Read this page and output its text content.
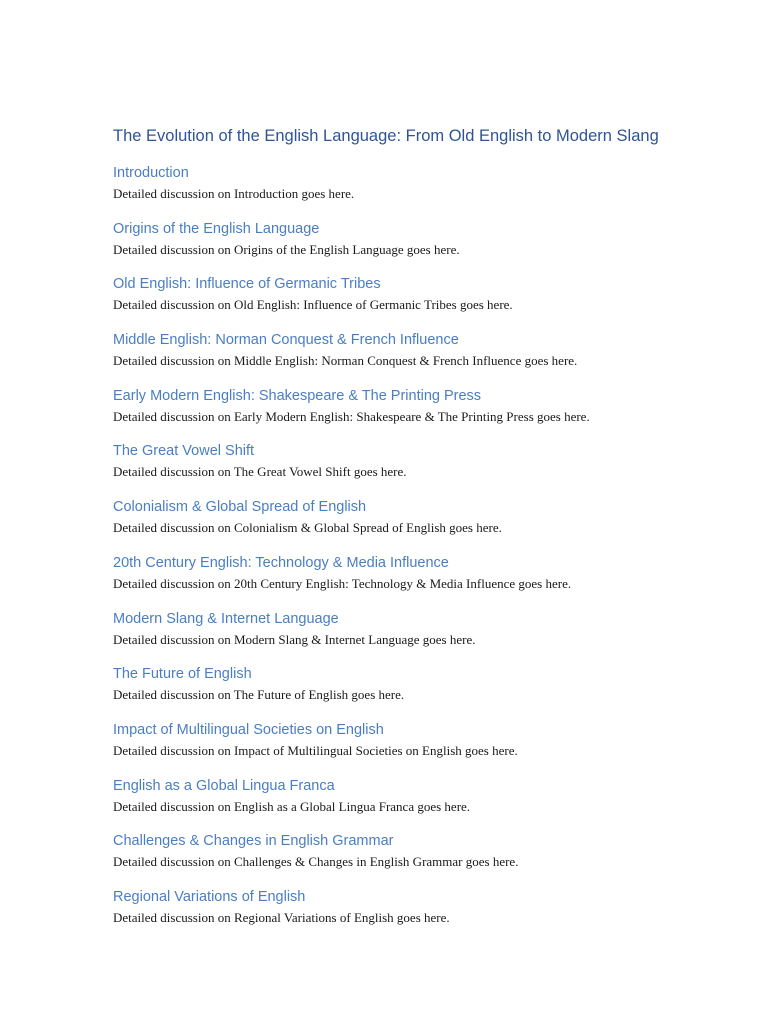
The Evolution of the English Language: From Old English to Modern Slang
Introduction

Detailed discussion on Introduction goes here.

Origins of the English Language

Detailed discussion on Origins of the English Language goes here.

Old English: Influence of Germanic Tribes

Detailed discussion on Old English: Influence of Germanic Tribes goes here.

Middle English: Norman Conquest & French Influence

Detailed discussion on Middle English: Norman Conquest & French Influence goes here.

Early Modern English: Shakespeare & The Printing Press

Detailed discussion on Early Modern English: Shakespeare & The Printing Press goes here.

The Great Vowel Shift

Detailed discussion on The Great Vowel Shift goes here.

Colonialism & Global Spread of English

Detailed discussion on Colonialism & Global Spread of English goes here.

20th Century English: Technology & Media Influence

Detailed discussion on 20th Century English: Technology & Media Influence goes here.

Modern Slang & Internet Language

Detailed discussion on Modern Slang & Internet Language goes here.

The Future of English

Detailed discussion on The Future of English goes here.

Impact of Multilingual Societies on English

Detailed discussion on Impact of Multilingual Societies on English goes here.

English as a Global Lingua Franca

Detailed discussion on English as a Global Lingua Franca goes here.

Challenges & Changes in English Grammar

Detailed discussion on Challenges & Changes in English Grammar goes here.

Regional Variations of English

Detailed discussion on Regional Variations of English goes here.
